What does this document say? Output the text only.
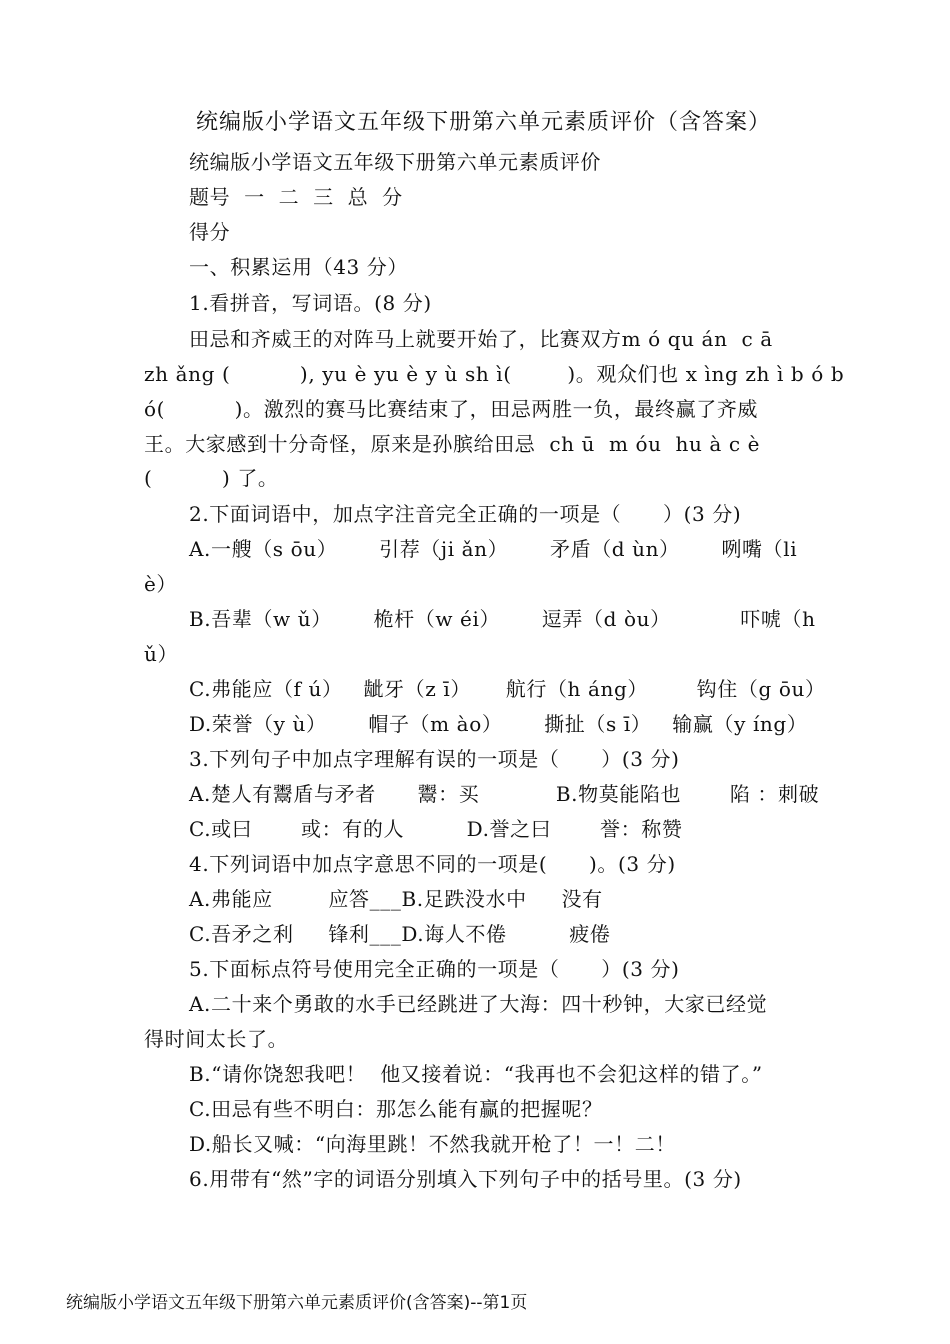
统编版小学语文五年级下册第六单元素质评价（含答案）
统编版小学语文五年级下册第六单元素质评价
题号  一  二  三  总  分
得分
一、积累运用（43 分）
1.看拼音，写词语。(8 分)
田忌和齐威王的对阵马上就要开始了，比赛双方m ó qu án  c ā
zh ǎng (          ), yu è yu è y ù sh ì(        )。观众们也 x ìng zh ì b ó b
ó(          )。激烈的赛马比赛结束了，田忌两胜一负，最终赢了齐威
王。大家感到十分奇怪，原来是孙膑给田忌  ch ū  m óu  hu à c è
(          ) 了。
2.下面词语中，加点字注音完全正确的一项是（      ）(3 分)
A.一艘（s ōu）      引荐（ji ǎn）      矛盾（d ùn）      咧嘴（li
è）
B.吾辈（w ǔ）      桅杆（w éi）      逗弄（d òu）          吓唬（h
ǔ）
C.弗能应（f ú）   龇牙（z ī）     航行（h áng）       钩住（g ōu）
D.荣誉（y ù）      帽子（m ào）      撕扯（s ī）   输赢（y íng）
3.下列句子中加点字理解有误的一项是（      ）(3 分)
A.楚人有鬻盾与矛者      鬻：买           B.物莫能陷也       陷 ：刺破
C.或曰       或：有的人         D.誉之曰       誉：称赞
4.下列词语中加点字意思不同的一项是(      )。(3 分)
A.弗能应        应答___B.足跌没水中     没有
C.吾矛之利     锋利___D.诲人不倦         疲倦
5.下面标点符号使用完全正确的一项是（      ）(3 分)
A.二十来个勇敢的水手已经跳进了大海：四十秒钟，大家已经觉
得时间太长了。
B.“请你饶恕我吧！  他又接着说：“我再也不会犯这样的错了。”
C.田忌有些不明白：那怎么能有赢的把握呢？
D.船长又喊：“向海里跳！不然我就开枪了！一！二！
6.用带有“然”字的词语分别填入下列句子中的括号里。(3 分)
统编版小学语文五年级下册第六单元素质评价(含答案)--第1页
